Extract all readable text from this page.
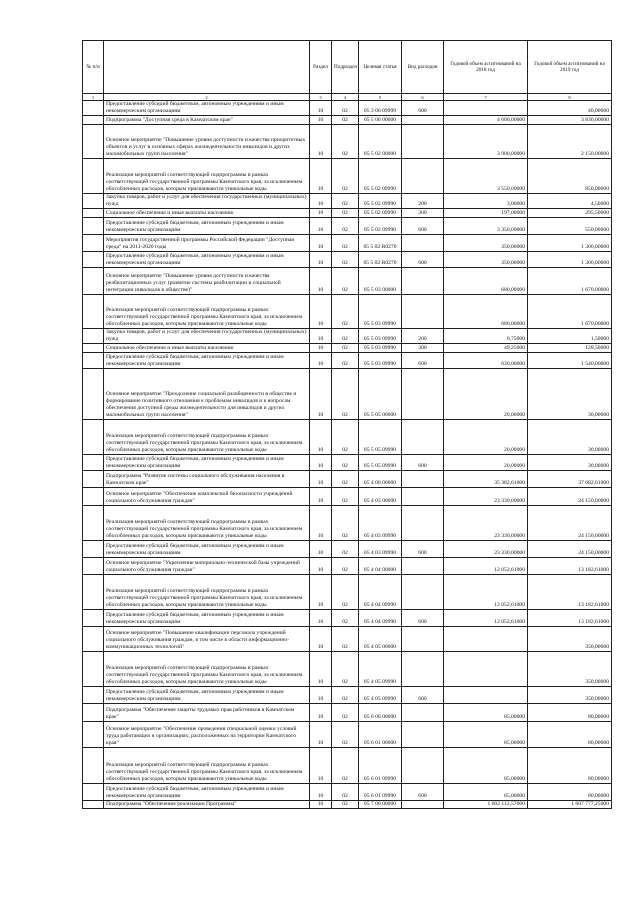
№ п/п		Раздел	Подраздел	Целевая статья	Вид расходов	Годовой объем ассигнований на 2018 год	Годовой объем ассигнований на 2019 год
1	2	3	4	5	6	7	8
	Предоставление субсидий бюджетным, автономным учреждениям и иным некоммерческим организациям	10	02	05 3 06 09999	600		40,00000
	Подпрограмма "Доступная среда в Камчатском крае"	10	02	05 5 00 00000		4 600,00000	3 830,00000
	Основное мероприятие "Повышение уровня доступности и качества приоритетных объектов и услуг в основных сферах жизнедеятельности инвалидов и других маломобильных групп населения"	10	02	05 5 02 00000		3 900,00000	2 150,00000
	Реализация мероприятий соответствующей подпрограммы в рамках соответствующей государственной программы Камчатского края, за исключением обособленных расходов, которым присваиваются уникальные коды	10	02	05 5 02 09990		3 550,00000	850,00000
	Закупка товаров, работ и услуг для обеспечения государственных (муниципальных) нужд	10	02	05 5 02 09990	200	3,00000	4,50000
	Социальное обеспечение и иные выплаты населению	10	02	05 5 02 09990	300	197,00000	295,50000
	Предоставление субсидий бюджетным, автономным учреждениям и иным некоммерческим организациям	10	02	05 5 02 09990	600	3 350,00000	550,00000
	Мероприятия государственной программы Российской Федерации "Доступная среда" на 2011-2020 годы	10	02	05 5 02 R0270		350,00000	1 300,00000
	Предоставление субсидий бюджетным, автономным учреждениям и иным некоммерческим организациям	10	02	05 5 02 R0270	600	350,00000	1 300,00000
	Основное мероприятие "Повышение уровня доступности и качества реабилитационных услуг (развитие системы реабилитации и социальной интеграции инвалидов в обществе)"	10	02	05 5 03 00000		680,00000	1 670,00000
	Реализация мероприятий соответствующей подпрограммы в рамках соответствующей государственной программы Камчатского края, за исключением обособленных расходов, которым присваиваются уникальные коды	10	02	05 5 03 09990		680,00000	1 670,00000
	Закупка товаров, работ и услуг для обеспечения государственных (муниципальных) нужд	10	02	05 5 03 09990	200	0,75000	1,50000
	Социальное обеспечение и иные выплаты населению	10	02	05 5 03 09990	300	49,25000	128,50000
	Предоставление субсидий бюджетным, автономным учреждениям и иным некоммерческим организациям	10	02	05 5 03 09990	600	630,00000	1 540,00000
	Основное мероприятие "Преодоление социальной разобщенности в обществе и формирование позитивного отношения к проблемам инвалидов и к вопросам обеспечения доступной среды жизнедеятельности для инвалидов и других маломобильных групп населения"	10	02	05 5 05 00000		20,00000	30,00000
	Реализация мероприятий соответствующей подпрограммы в рамках соответствующей государственной программы Камчатского края, за исключением обособленных расходов, которым присваиваются уникальные коды	10	02	05 5 05 09990		20,00000	30,00000
	Предоставление субсидий бюджетным, автономным учреждениям и иным некоммерческим организациям	10	02	05 5 05 09990	600	20,00000	30,00000
	Подпрограмма "Развитие системы социального обслуживания населения в Камчатском крае"	10	02	05 4 00 00000		35 382,61000	37 682,61000
	Основное мероприятие "Обеспечение комплексной безопасности учреждений социального обслуживания граждан"	10	02	05 4 03 00000		23 330,00000	24 150,00000
	Реализация мероприятий соответствующей подпрограммы в рамках соответствующей государственной программы Камчатского края, за исключением обособленных расходов, которым присваиваются уникальные коды	10	02	05 4 03 09990		23 330,00000	24 150,00000
	Предоставление субсидий бюджетным, автономным учреждениям и иным некоммерческим организациям	10	02	05 4 03 09990	600	23 330,00000	24 150,00000
	Основное мероприятие "Укрепление материально-технической базы учреждений социального обслуживания граждан"	10	02	05 4 04 00000		12 052,61000	13 182,61000
	Реализация мероприятий соответствующей подпрограммы в рамках соответствующей государственной программы Камчатского края, за исключением обособленных расходов, которым присваиваются уникальные коды	10	02	05 4 04 09990		12 052,61000	13 182,61000
	Предоставление субсидий бюджетным, автономным учреждениям и иным некоммерческим организациям	10	02	05 4 04 09990	600	12 052,61000	13 182,61000
	Основное мероприятие "Повышение квалификации персонала учреждений социального обслуживания граждан, в том числе в области информационно-коммуникационных технологий"	10	02	05 4 05 00000			350,00000
	Реализация мероприятий соответствующей подпрограммы в рамках соответствующей государственной программы Камчатского края, за исключением обособленных расходов, которым присваиваются уникальные коды	10	02	05 4 05 09990			350,00000
	Предоставление субсидий бюджетным, автономным учреждениям и иным некоммерческим организациям	10	02	05 4 05 09990	600		350,00000
	Подпрограмма "Обеспечение защиты трудовых прав работников в Камчатском крае"	10	02	05 6 00 00000		85,00000	80,00000
	Основное мероприятие "Обеспечение проведения специальной оценки условий труда работающих в организациях, расположенных на территории Камчатского края"	10	02	05 6 01 00000		85,00000	80,00000
	Реализация мероприятий соответствующей подпрограммы в рамках соответствующей государственной программы Камчатского края, за исключением обособленных расходов, которым присваиваются уникальные коды	10	02	05 6 01 09990		85,00000	80,00000
	Предоставление субсидий бюджетным, автономным учреждениям и иным некоммерческим организациям	10	02	05 6 01 09990	600	85,00000	80,00000
	Подпрограмма "Обеспечение реализации Программы"	10	02	05 7 00 00000		1 602 112,57000	1 607 777,25000
